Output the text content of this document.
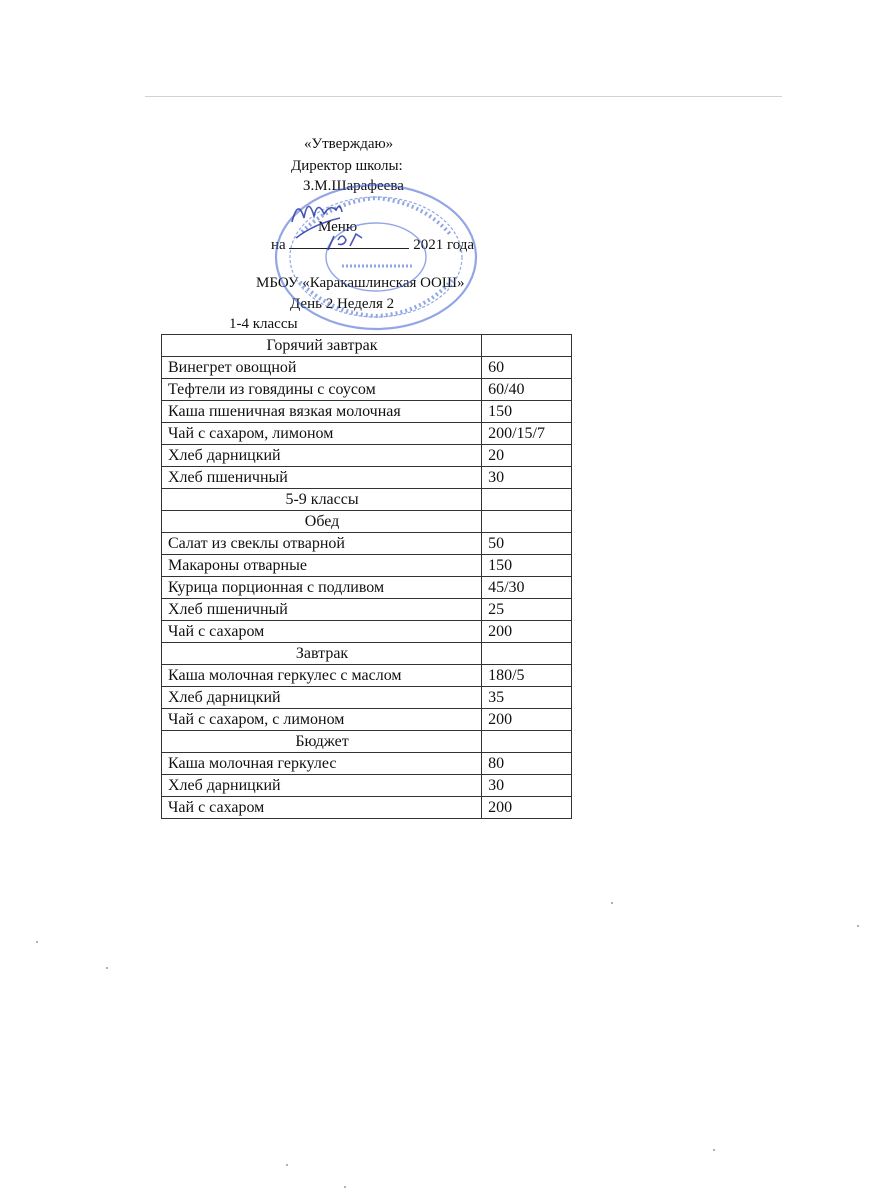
«Утверждаю»
Директор школы:
З.М.Шарафеева
Меню
на	2021 года
МБОУ «Каракашлинская ООШ»
День 2 Неделя 2
1-4 классы
Горячий завтрак	
Винегрет овощной	60
Тефтели из говядины с соусом	60/40
Каша пшеничная вязкая молочная	150
Чай с сахаром, лимоном	200/15/7
Хлеб дарницкий	20
Хлеб пшеничный	30
5-9 классы	
Обед	
Салат из свеклы отварной	50
Макароны отварные	150
Курица порционная с подливом	45/30
Хлеб пшеничный	25
Чай с сахаром	200
Завтрак	
Каша молочная геркулес с маслом	180/5
Хлеб дарницкий	35
Чай с сахаром, с лимоном	200
Бюджет	
Каша молочная геркулес	80
Хлеб дарницкий	30
Чай с сахаром	200
